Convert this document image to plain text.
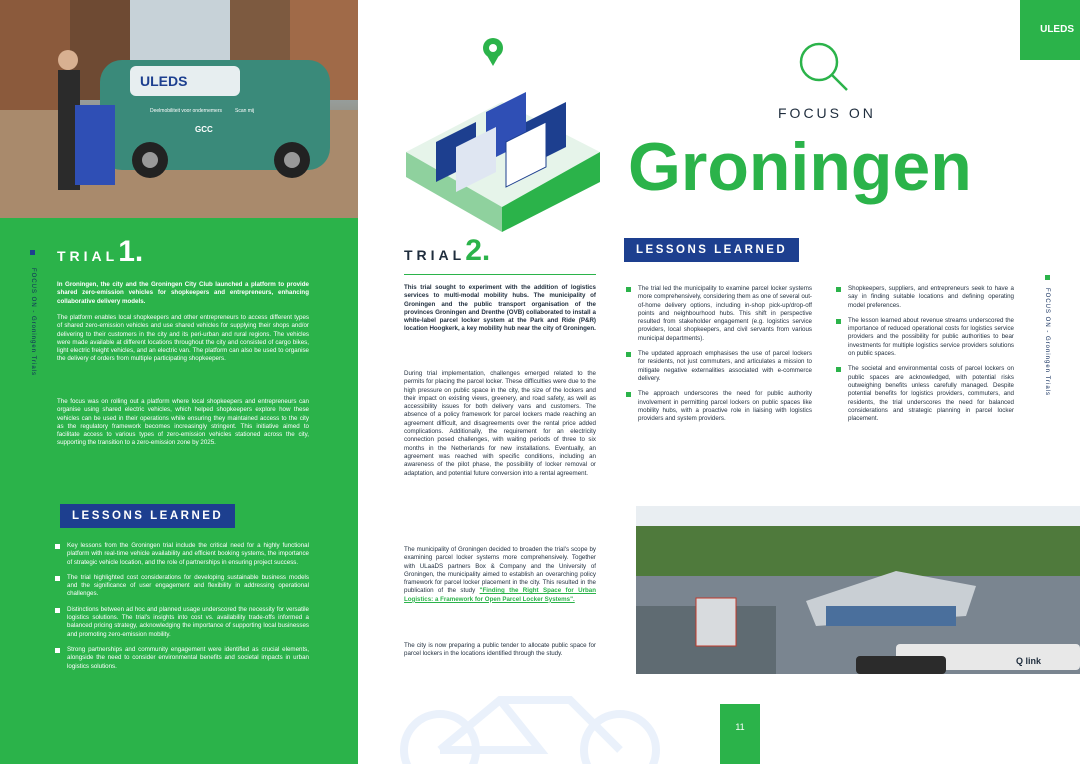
ULEDS
Deelmobiliteit voor ondernemers
GCC
Scan mij
FOCUS ON - Groningen Trials
TRIAL1.

In Groningen, the city and the Groningen City Club launched a platform to provide shared zero-emission vehicles for shopkeepers and entrepreneurs, enhancing collaborative delivery models.

The platform enables local shopkeepers and other entrepreneurs to access different types of shared zero-emission vehicles and use shared vehicles for supplying their shops and/or delivering to their customers in the city and its peri-urban and rural regions. The vehicles were made available at different locations throughout the city and consisted of cargo bikes, light electric freight vehicles, and an electric van. The platform can also be used to organise the delivery of orders from multiple participating shopkeepers.

The focus was on rolling out a platform where local shopkeepers and entrepreneurs can organise using shared electric vehicles, which helped shopkeepers explore how these vehicles can be used in their operations while ensuring they maintained access to the city as the regulatory framework becomes increasingly stringent. This initiative aimed to facilitate access to various types of zero-emission vehicles stationed across the city, supporting the transition to a zero-emission zone by 2025.

LESSONS LEARNED
Key lessons from the Groningen trial include the critical need for a highly functional platform with real-time vehicle availability and efficient booking systems, the importance of strategic vehicle location, and the role of partnerships in ensuring project success.
The trial highlighted cost considerations for developing sustainable business models and the significance of user engagement and flexibility in addressing operational challenges.
Distinctions between ad hoc and planned usage underscored the necessity for versatile logistics solutions. The trial's insights into cost vs. availability trade-offs informed a balanced pricing strategy, acknowledging the importance of supporting local businesses and promoting zero-emission mobility.
Strong partnerships and community engagement were identified as crucial elements, alongside the need to consider environmental benefits and societal impacts in urban logistics solutions.
ULEDS
FOCUS ON
Groningen
TRIAL2.

This trial sought to experiment with the addition of logistics services to multi-modal mobility hubs. The municipality of Groningen and the public transport organisation of the provinces Groningen and Drenthe (OVB) collaborated to install a white-label parcel locker system at the Park and Ride (P&R) location Hoogkerk, a key mobility hub near the city of Groningen.

During trial implementation, challenges emerged related to the permits for placing the parcel locker. These difficulties were due to the high pressure on public space in the city, the size of the lockers and their impact on existing views, greenery, and road safety, as well as accessibility issues for both delivery vans and customers. The absence of a policy framework for parcel lockers made reaching an agreement difficult, and disagreements over the rental price added complications. Additionally, the requirement for an electricity connection posed challenges, with waiting periods of three to six months in the Netherlands for new installations. Eventually, an agreement was reached with specific conditions, including an awareness of the pilot phase, the possibility of locker removal or adaptation, and potential future conversion into a rental agreement.

The municipality of Groningen decided to broaden the trial's scope by examining parcel locker systems more comprehensively. Together with ULaaDS partners Box & Company and the University of Groningen, the municipality aimed to establish an overarching policy framework for parcel locker placement in the city. This resulted in the publication of the study "Finding the Right Space for Urban Logistics: a Framework for Open Parcel Locker Systems".

The city is now preparing a public tender to allocate public space for parcel lockers in the locations identified through the study.

LESSONS LEARNED
The trial led the municipality to examine parcel locker systems more comprehensively, considering them as one of several out-of-home delivery options, including in-shop pick-up/drop-off points and neighbourhood hubs. This shift in perspective resulted from stakeholder engagement (e.g. logistics service providers, local shopkeepers, and civil servants from various municipal departments).
The updated approach emphasises the use of parcel lockers for residents, not just commuters, and articulates a mission to mitigate negative externalities associated with e-commerce delivery.
The approach underscores the need for public authority involvement in permitting parcel lockers on public spaces like mobility hubs, with a proactive role in liaising with logistics providers and system providers.
Shopkeepers, suppliers, and entrepreneurs seek to have a say in finding suitable locations and defining operating model preferences.
The lesson learned about revenue streams underscored the importance of reduced operational costs for logistics service providers and the possibility for public authorities to bear investments for multiple logistics service providers solutions on public spaces.
The societal and environmental costs of parcel lockers on public spaces are acknowledged, with potential risks outweighing benefits unless carefully managed. Despite potential benefits for logistics providers, commuters, and residents, the trial underscores the need for balanced considerations and strategic planning in parcel locker placement.
FOCUS ON - Groningen Trials
Q link
11
